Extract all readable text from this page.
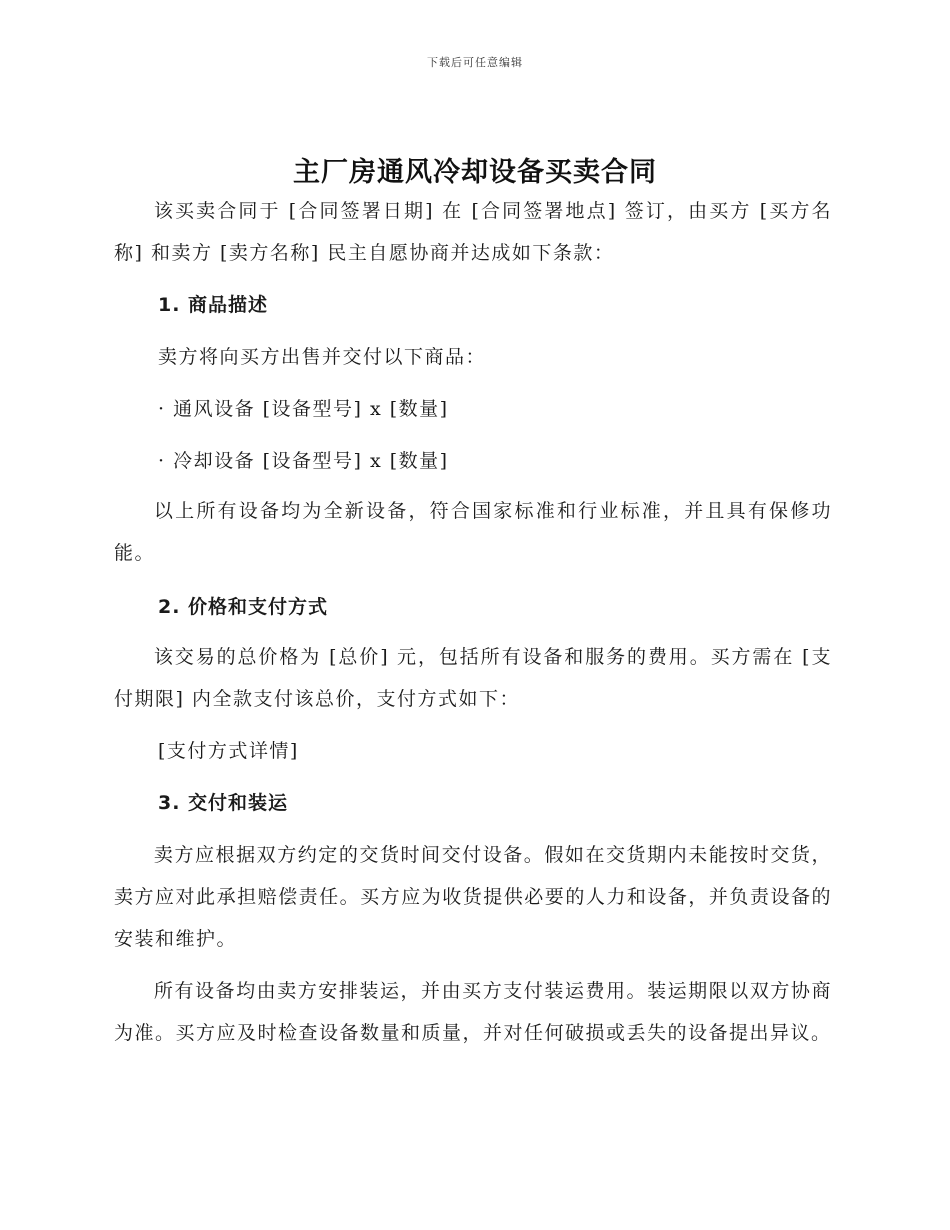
下载后可任意编辑
主厂房通风冷却设备买卖合同

该买卖合同于 [合同签署日期] 在 [合同签署地点] 签订，由买方 [买方名称] 和卖方 [卖方名称] 民主自愿协商并达成如下条款：

1. 商品描述

卖方将向买方出售并交付以下商品：

· 通风设备 [设备型号] x [数量]

· 冷却设备 [设备型号] x [数量]

以上所有设备均为全新设备，符合国家标准和行业标准，并且具有保修功能。

2. 价格和支付方式

该交易的总价格为 [总价] 元，包括所有设备和服务的费用。买方需在 [支付期限] 内全款支付该总价，支付方式如下：

[支付方式详情]

3. 交付和装运

卖方应根据双方约定的交货时间交付设备。假如在交货期内未能按时交货，卖方应对此承担赔偿责任。买方应为收货提供必要的人力和设备，并负责设备的安装和维护。

所有设备均由卖方安排装运，并由买方支付装运费用。装运期限以双方协商为准。买方应及时检查设备数量和质量，并对任何破损或丢失的设备提出异议。
